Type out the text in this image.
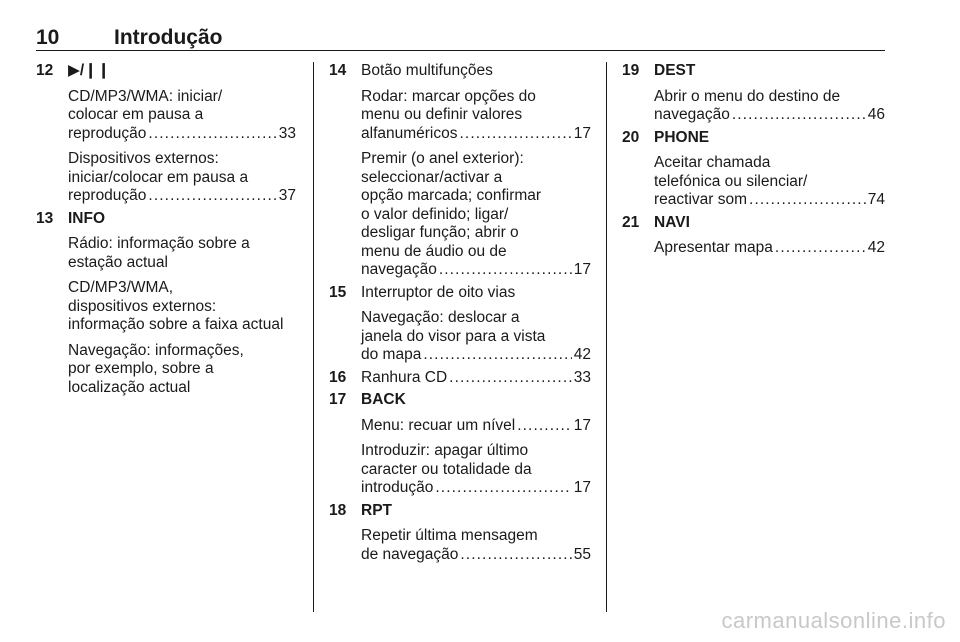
10	Introdução
12 ▶/❙❙
CD/MP3/WMA: iniciar/
colocar em pausa a
reprodução . . .	33
Dispositivos externos:
iniciar/colocar em pausa a
reprodução . . .	37
13 INFO
Rádio: informação sobre a
estação actual
CD/MP3/WMA,
dispositivos externos:
informação sobre a faixa actual
Navegação: informações,
por exemplo, sobre a
localização actual
14 Botão multifunções
Rodar: marcar opções do
menu ou definir valores
alfanuméricos . . .	17
Premir (o anel exterior):
seleccionar/activar a
opção marcada; confirmar
o valor definido; ligar/
desligar função; abrir o
menu de áudio ou de
navegação . . .	17
15 Interruptor de oito vias
Navegação: deslocar a
janela do visor para a vista
do mapa . . .	42
16 Ranhura CD . . .	33
17 BACK
Menu: recuar um nível . . .	17
Introduzir: apagar último
caracter ou totalidade da
introdução . . .	17
18 RPT
Repetir última mensagem
de navegação . . .	55
19 DEST
Abrir o menu do destino de
navegação . . .	46
20 PHONE
Aceitar chamada
telefónica ou silenciar/
reactivar som . . .	74
21 NAVI
Apresentar mapa . . .	42
carmanualsonline.info
